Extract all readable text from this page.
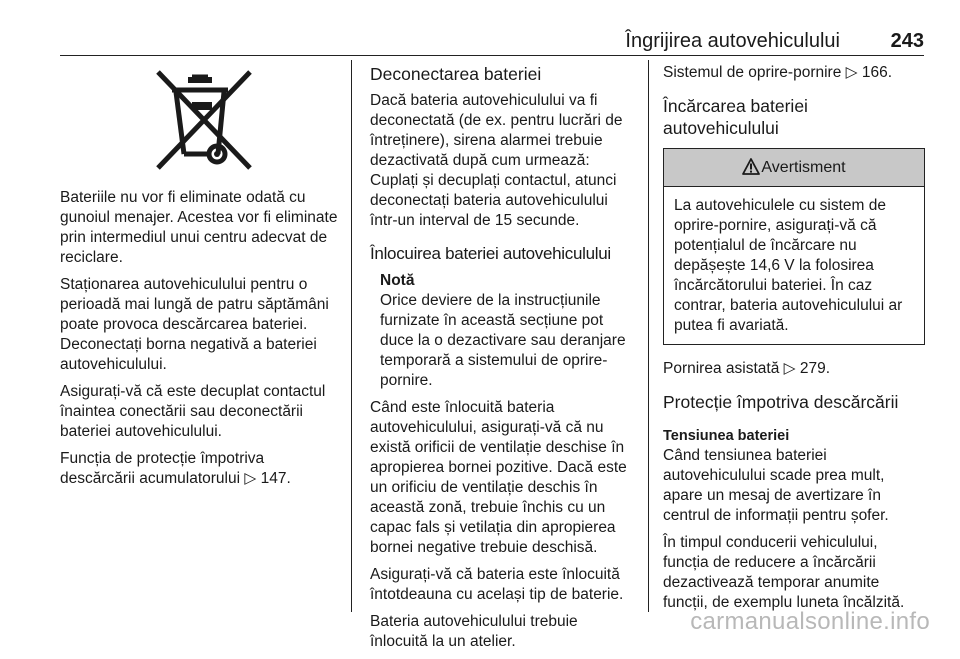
Îngrijirea autovehiculului	243

Bateriile nu vor fi eliminate odată cu gunoiul menajer. Acestea vor fi eliminate prin intermediul unui centru adecvat de reciclare.

Staționarea autovehiculului pentru o perioadă mai lungă de patru săptămâni poate provoca descărcarea bateriei. Deconectați borna negativă a bateriei autovehiculului.

Asigurați-vă că este decuplat contactul înaintea conectării sau deconectării bateriei autovehiculului.

Funcția de protecție împotriva descărcării acumulatorului ▷ 147.

Deconectarea bateriei

Dacă bateria autovehiculului va fi deconectată (de ex. pentru lucrări de întreținere), sirena alarmei trebuie dezactivată după cum urmează: Cuplați și decuplați contactul, atunci deconectați bateria autovehiculului într-un interval de 15 secunde.

Înlocuirea bateriei autovehiculului
Notă
Orice deviere de la instrucțiunile furnizate în această secțiune pot duce la o dezactivare sau deranjare temporară a sistemului de oprire-pornire.

Când este înlocuită bateria autovehiculului, asigurați-vă că nu există orificii de ventilație deschise în apropierea bornei pozitive. Dacă este un orificiu de ventilație deschis în această zonă, trebuie închis cu un capac fals și vetilația din apropierea bornei negative trebuie deschisă.

Asigurați-vă că bateria este înlocuită întotdeauna cu același tip de baterie.

Bateria autovehiculului trebuie înlocuită la un atelier.

Sistemul de oprire-pornire ▷ 166.

Încărcarea bateriei autovehiculului
Avertisment
La autovehiculele cu sistem de oprire-pornire, asigurați-vă că potențialul de încărcare nu depășește 14,6 V la folosirea încărcătorului bateriei. În caz contrar, bateria autovehiculului ar putea fi avariată.

Pornirea asistată ▷ 279.

Protecție împotriva descărcării
Tensiunea bateriei

Când tensiunea bateriei autovehiculului scade prea mult, apare un mesaj de avertizare în centrul de informații pentru șofer.

În timpul conducerii vehiculului, funcția de reducere a încărcării dezactivează temporar anumite funcții, de exemplu luneta încălzită.

carmanualsonline.info
